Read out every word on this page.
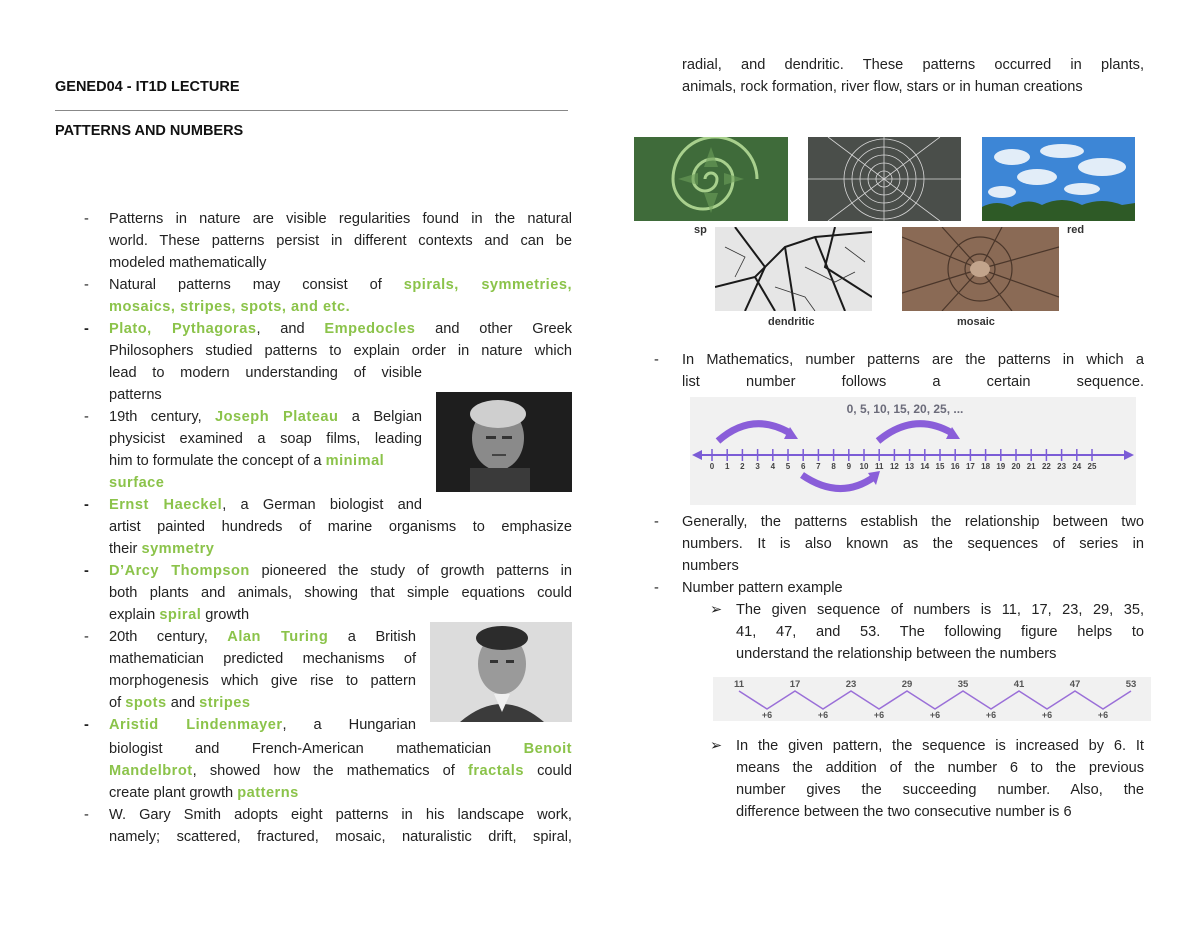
GENED04 - IT1D LECTURE
PATTERNS AND NUMBERS
- Patterns in nature are visible regularities found in the natural
world. These patterns persist in different contexts and can be
modeled mathematically
- Natural patterns may consist of spirals, symmetries,
mosaics, stripes, spots, and etc.
- Plato, Pythagoras, and Empedocles and other Greek
Philosophers studied patterns to explain order in nature which
lead to modern understanding of visible
patterns
- 19th century, Joseph Plateau a Belgian
physicist examined a soap films, leading
him to formulate the concept of a minimal
surface
- Ernst Haeckel, a German biologist and
artist painted hundreds of marine organisms to emphasize
their symmetry
- D’Arcy Thompson pioneered the study of growth patterns in
both plants and animals, showing that simple equations could
explain spiral growth
- 20th century, Alan Turing a British
mathematician predicted mechanisms of
morphogenesis which give rise to pattern
of spots and stripes
- Aristid Lindenmayer, a Hungarian
biologist and French-American mathematician Benoit
Mandelbrot, showed how the mathematics of fractals could
create plant growth patterns
- W. Gary Smith adopts eight patterns in his landscape work,
namely; scattered, fractured, mosaic, naturalistic drift, spiral,
radial, and dendritic. These patterns occurred in plants,
animals, rock formation, river flow, stars or in human creations
sp	red
dendritic	mosaic
- In Mathematics, number patterns are the patterns in which a
list number follows a certain sequence.
0, 5, 10, 15, 20, 25, ...
0 1 2 3 4 5 6 7 8 9 10 11 12 13 14 15 16 17 18 19 20 21 22 23 24 25
- Generally, the patterns establish the relationship between two
numbers. It is also known as the sequences of series in
numbers
- Number pattern example
➢ The given sequence of numbers is 11, 17, 23, 29, 35,
41, 47, and 53. The following figure helps to
understand the relationship between the numbers
11	17	23	29	35	41	47	53
+6	+6	+6	+6	+6	+6	+6
➢ In the given pattern, the sequence is increased by 6. It
means the addition of the number 6 to the previous
number gives the succeeding number. Also, the
difference between the two consecutive number is 6
